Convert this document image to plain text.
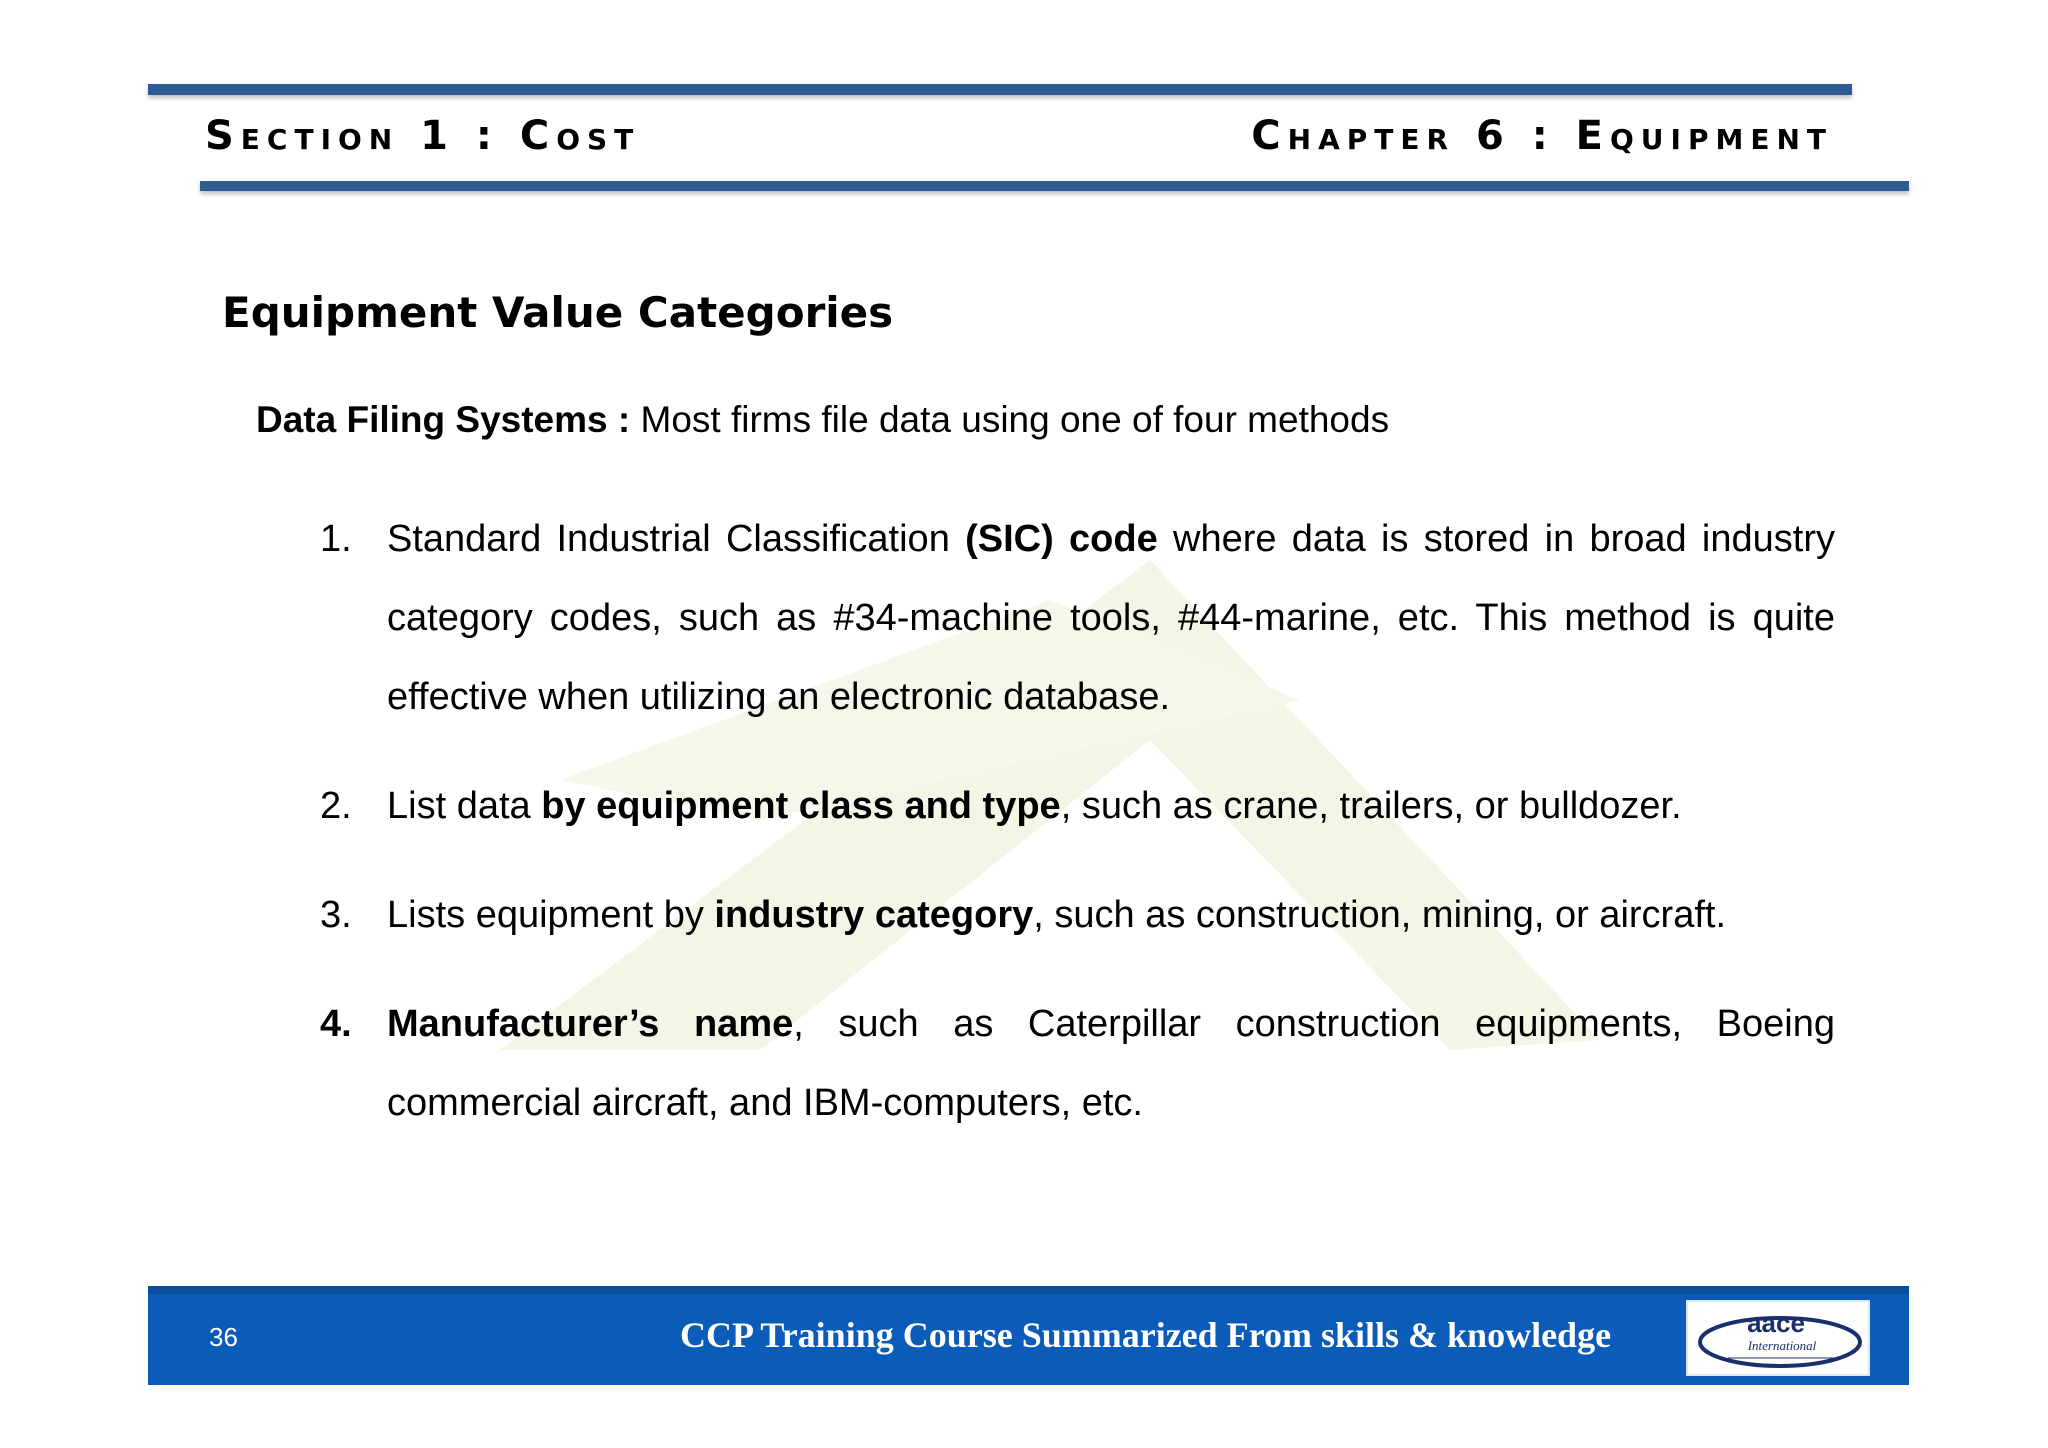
Section 1 : Cost	Chapter 6 : Equipment
Equipment Value Categories
Data Filing Systems : Most firms file data using one of four methods
1. Standard Industrial Classification (SIC) code where data is stored in broad industry category codes, such as #34-machine tools, #44-marine, etc. This method is quite effective when utilizing an electronic database.
2. List data by equipment class and type, such as crane, trailers, or bulldozer.
3. Lists equipment by industry category, such as construction, mining, or aircraft.
4. Manufacturer’s name, such as Caterpillar construction equipments, Boeing commercial aircraft, and IBM-computers, etc.
36	CCP Training Course Summarized From skills & knowledge	aace
International
